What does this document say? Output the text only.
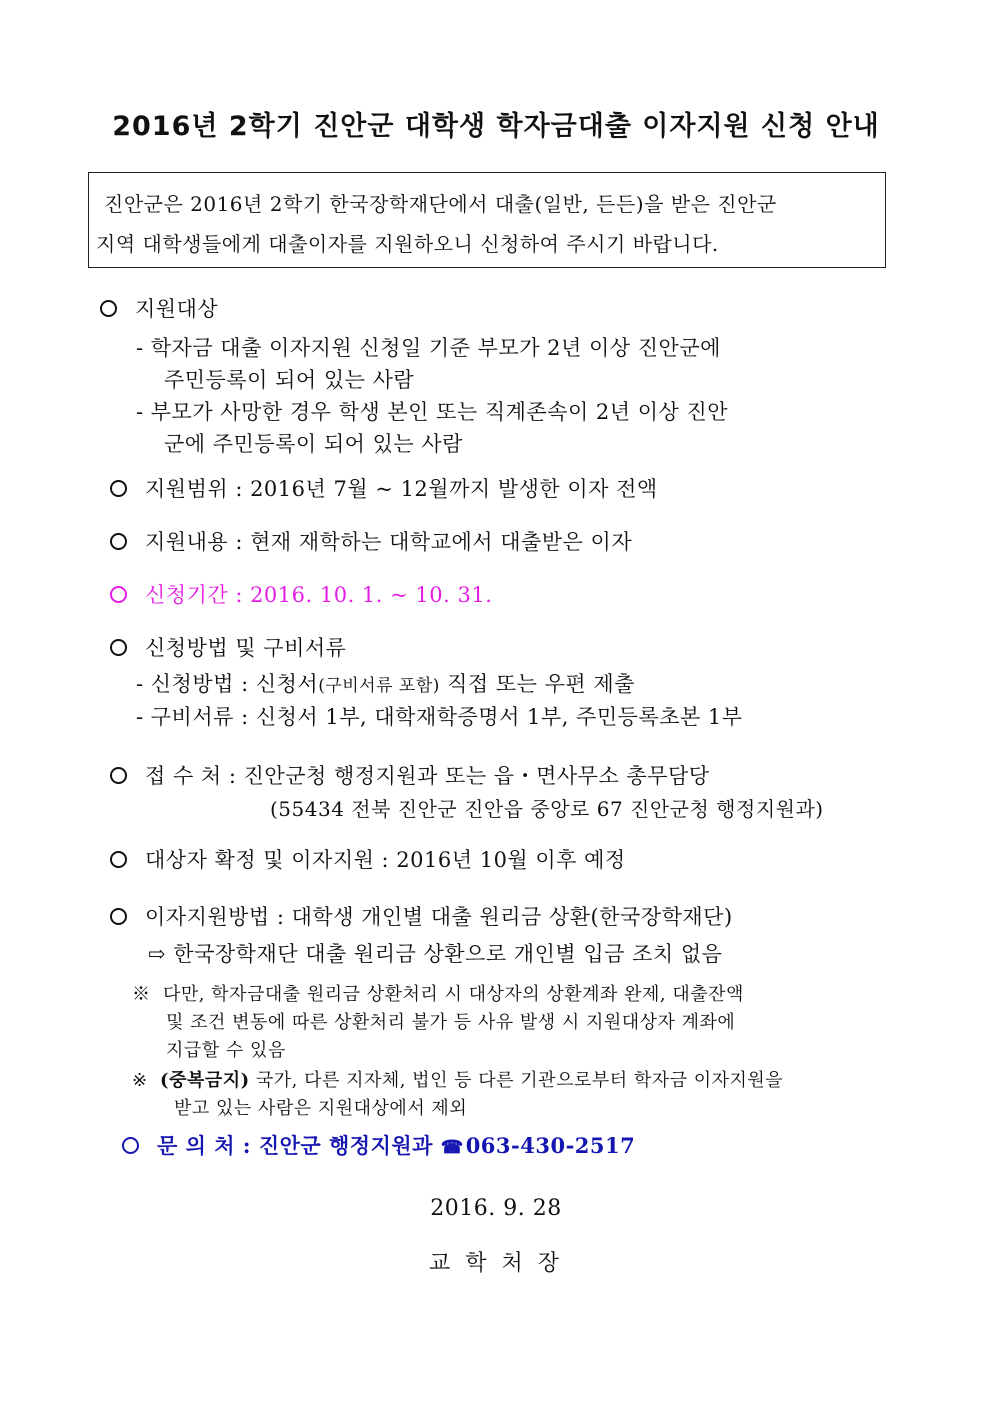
2016년 2학기 진안군 대학생 학자금대출 이자지원 신청 안내
진안군은 2016년 2학기 한국장학재단에서 대출(일반, 든든)을 받은 진안군
지역 대학생들에게 대출이자를 지원하오니 신청하여 주시기 바랍니다.
지원대상
- 학자금 대출 이자지원 신청일 기준 부모가 2년 이상 진안군에
주민등록이 되어 있는 사람
- 부모가 사망한 경우 학생 본인 또는 직계존속이 2년 이상 진안
군에 주민등록이 되어 있는 사람
지원범위 : 2016년 7월 ~ 12월까지 발생한 이자 전액
지원내용 : 현재 재학하는 대학교에서 대출받은 이자
신청기간 : 2016. 10. 1. ~ 10. 31.
신청방법 및 구비서류
- 신청방법 : 신청서(구비서류 포함) 직접 또는 우편 제출
- 구비서류 : 신청서 1부, 대학재학증명서 1부, 주민등록초본 1부
접 수 처 : 진안군청 행정지원과 또는 읍・면사무소 총무담당
(55434 전북 진안군 진안읍 중앙로 67 진안군청 행정지원과)
대상자 확정 및 이자지원 : 2016년 10월 이후 예정
이자지원방법 : 대학생 개인별 대출 원리금 상환(한국장학재단)
⇨ 한국장학재단 대출 원리금 상환으로 개인별 입금 조치 없음
※ 다만, 학자금대출 원리금 상환처리 시 대상자의 상환계좌 완제, 대출잔액
및 조건 변동에 따른 상환처리 불가 등 사유 발생 시 지원대상자 계좌에
지급할 수 있음
※ (중복금지) 국가, 다른 지자체, 법인 등 다른 기관으로부터 학자금 이자지원을
받고 있는 사람은 지원대상에서 제외
문 의 처 : 진안군 행정지원과 ☎063-430-2517
2016. 9. 28
교 학 처 장
